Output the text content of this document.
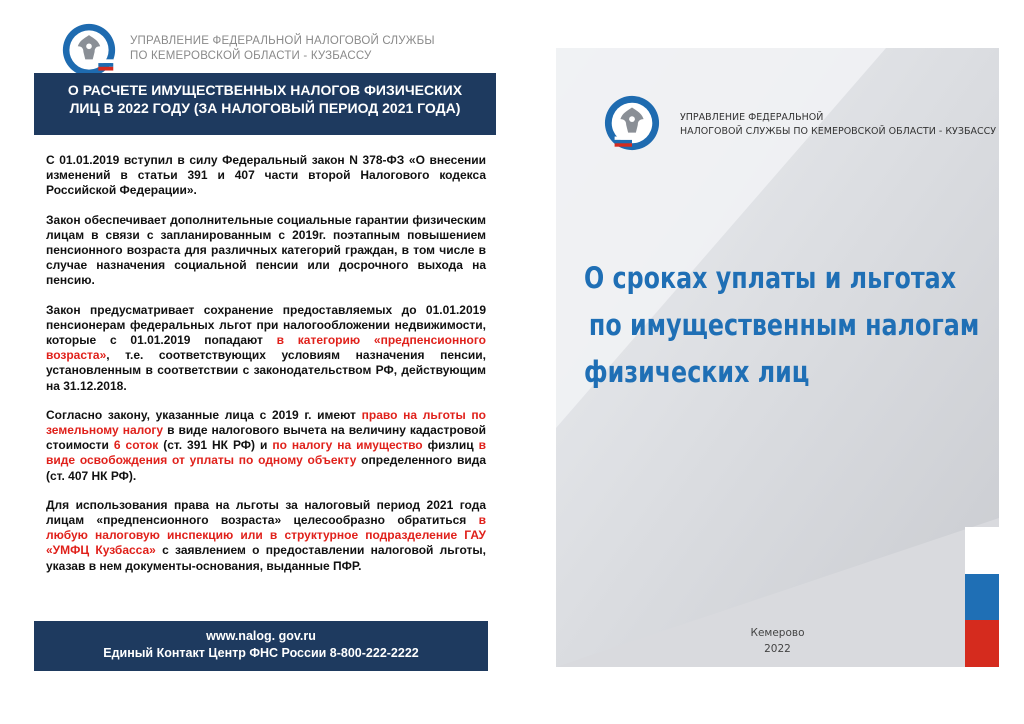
УПРАВЛЕНИЕ ФЕДЕРАЛЬНОЙ НАЛОГОВОЙ СЛУЖБЫ
ПО КЕМЕРОВСКОЙ ОБЛАСТИ - КУЗБАССУ
О РАСЧЕТЕ ИМУЩЕСТВЕННЫХ НАЛОГОВ ФИЗИЧЕСКИХ ЛИЦ В 2022 ГОДУ (ЗА НАЛОГОВЫЙ ПЕРИОД 2021 ГОДА)

С 01.01.2019 вступил в силу Федеральный закон N 378-ФЗ «О внесении изменений в статьи 391 и 407 части второй Налогового кодекса Российской Федерации».

Закон обеспечивает дополнительные социальные гарантии физическим лицам в связи с запланированным с 2019г. поэтапным повышением пенсионного возраста для различных категорий граждан, в том числе в случае назначения социальной пенсии или досрочного выхода на пенсию.

Закон предусматривает сохранение предоставляемых до 01.01.2019 пенсионерам федеральных льгот при налогообложении недвижимости, которые с 01.01.2019 попадают в категорию «предпенсионного возраста», т.е. соответствующих условиям назначения пенсии, установленным в соответствии с законодательством РФ, действующим на 31.12.2018.

Согласно закону, указанные лица с 2019 г. имеют право на льготы по земельному налогу в виде налогового вычета на величину кадастровой стоимости 6 соток (ст. 391 НК РФ) и по налогу на имущество физлиц в виде освобождения от уплаты по одному объекту определенного вида (ст. 407 НК РФ).

Для использования права на льготы за налоговый период 2021 года лицам «предпенсионного возраста» целесообразно обратиться в любую налоговую инспекцию или в структурное подразделение ГАУ «УМФЦ Кузбасса» с заявлением о предоставлении налоговой льготы, указав в нем документы-основания, выданные ПФР.

www.nalog. gov.ru
Единый Контакт Центр ФНС России 8-800-222-2222
УПРАВЛЕНИЕ ФЕДЕРАЛЬНОЙ
НАЛОГОВОЙ СЛУЖБЫ ПО КЕМЕРОВСКОЙ ОБЛАСТИ - КУЗБАССУ
О сроках уплаты и льготах
по имущественным налогам
физических лиц
Кемерово
2022
